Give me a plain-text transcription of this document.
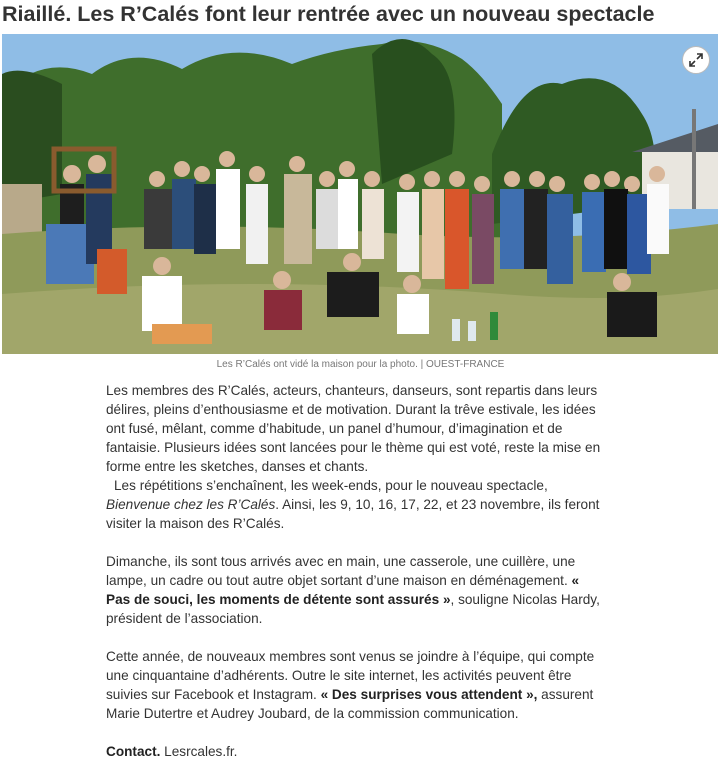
Riaillé. Les R’Calés font leur rentrée avec un nouveau spectacle
Les R’Calés ont vidé la maison pour la photo. | OUEST-FRANCE

Les membres des R’Calés, acteurs, chanteurs, danseurs, sont repartis dans leurs délires, pleins d’enthousiasme et de motivation. Durant la trêve estivale, les idées ont fusé, mêlant, comme d’habitude, un panel d’humour, d’imagination et de fantaisie. Plusieurs idées sont lancées pour le thème qui est voté, reste la mise en forme entre les sketches, danses et chants.
Les répétitions s’enchaînent, les week-ends, pour le nouveau spectacle, Bienvenue chez les R’Calés. Ainsi, les 9, 10, 16, 17, 22, et 23 novembre, ils feront visiter la maison des R’Calés.

Dimanche, ils sont tous arrivés avec en main, une casserole, une cuillère, une lampe, un cadre ou tout autre objet sortant d’une maison en déménagement. « Pas de souci, les moments de détente sont assurés », souligne Nicolas Hardy, président de l’association.

Cette année, de nouveaux membres sont venus se joindre à l’équipe, qui compte une cinquantaine d’adhérents. Outre le site internet, les activités peuvent être suivies sur Facebook et Instagram. « Des surprises vous attendent », assurent Marie Dutertre et Audrey Joubard, de la commission communication.

Contact. Lesrcales.fr.
